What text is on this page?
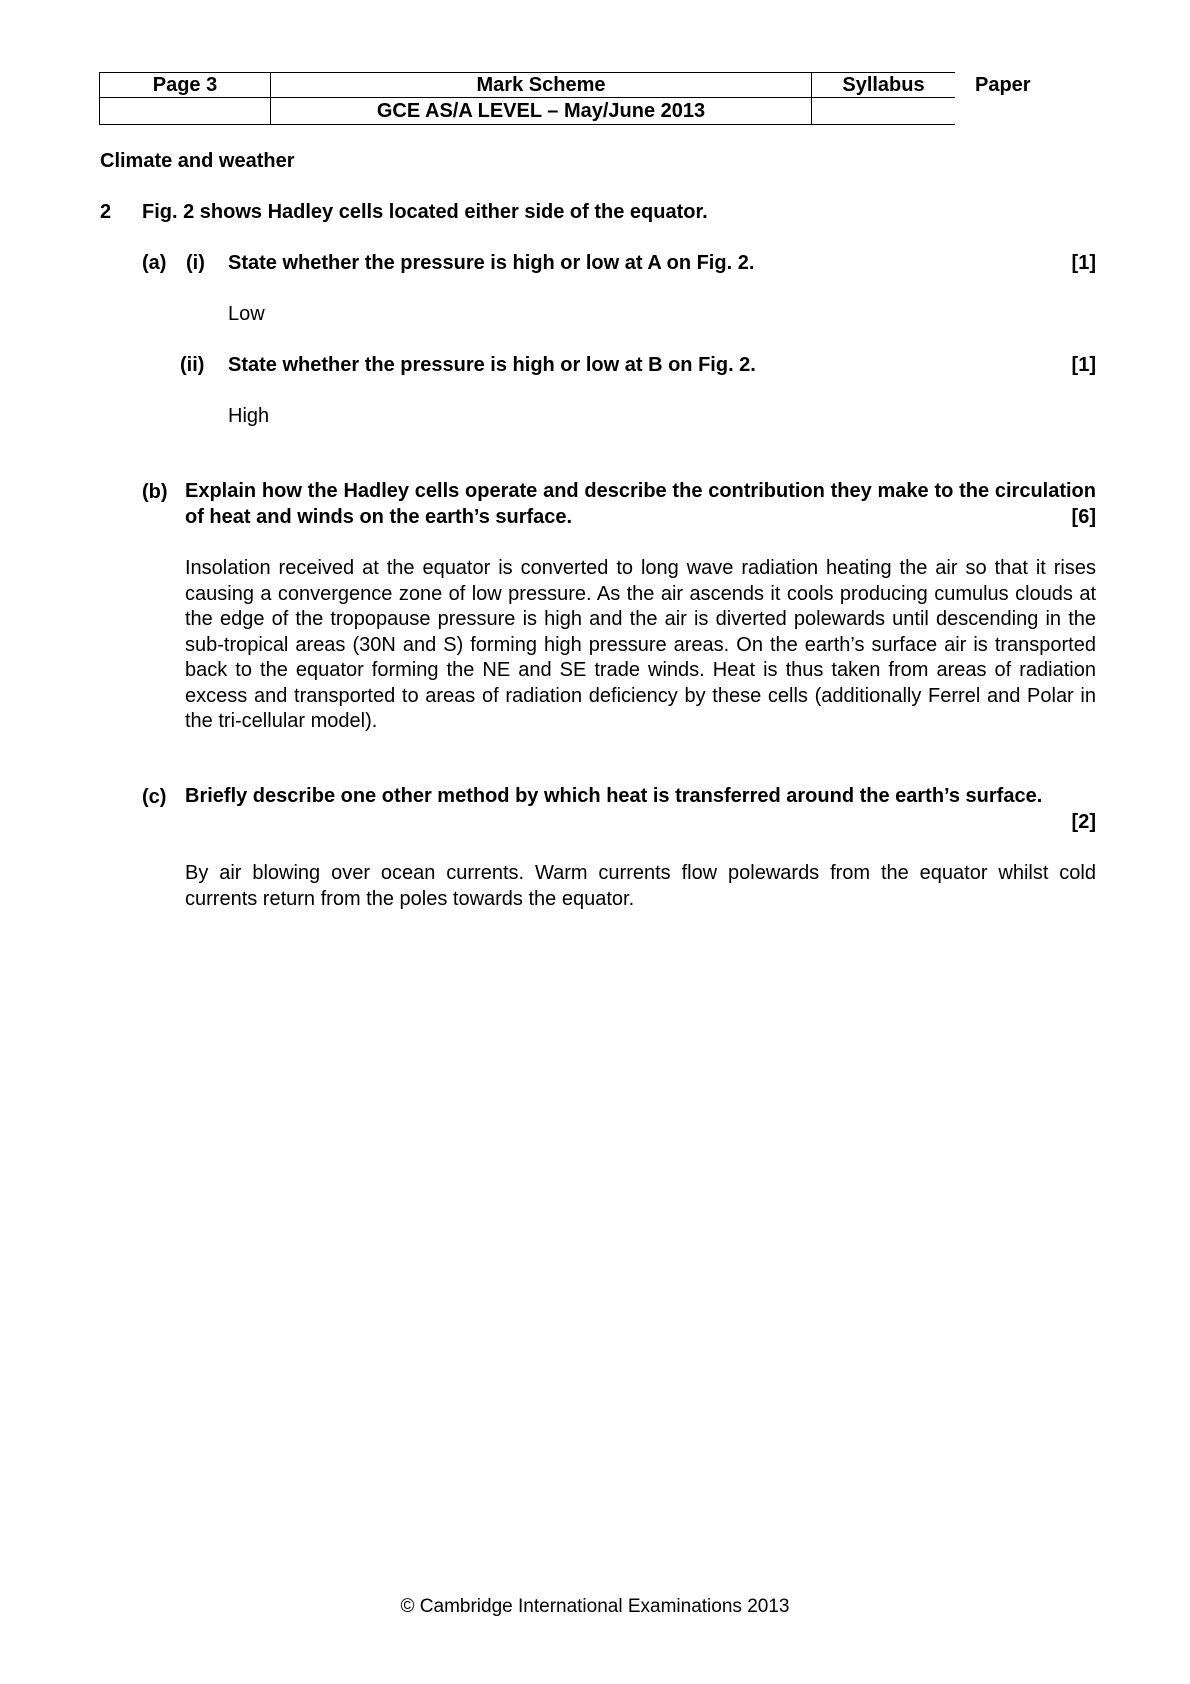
Page 3	Mark Scheme	Syllabus	Paper
GCE AS/A LEVEL – May/June 2013
Climate and weather
2 Fig. 2 shows Hadley cells located either side of the equator.
(a) (i) State whether the pressure is high or low at A on Fig. 2.	[1]
Low
(ii) State whether the pressure is high or low at B on Fig. 2.	[1]
High
(b) Explain how the Hadley cells operate and describe the contribution they make to the circulation of heat and winds on the earth’s surface.	[6]
Insolation received at the equator is converted to long wave radiation heating the air so that it rises causing a convergence zone of low pressure. As the air ascends it cools producing cumulus clouds at the edge of the tropopause pressure is high and the air is diverted polewards until descending in the sub-tropical areas (30N and S) forming high pressure areas. On the earth’s surface air is transported back to the equator forming the NE and SE trade winds. Heat is thus taken from areas of radiation excess and transported to areas of radiation deficiency by these cells (additionally Ferrel and Polar in the tri-cellular model).
(c) Briefly describe one other method by which heat is transferred around the earth’s surface.
[2]
By air blowing over ocean currents. Warm currents flow polewards from the equator whilst cold currents return from the poles towards the equator.
© Cambridge International Examinations 2013
